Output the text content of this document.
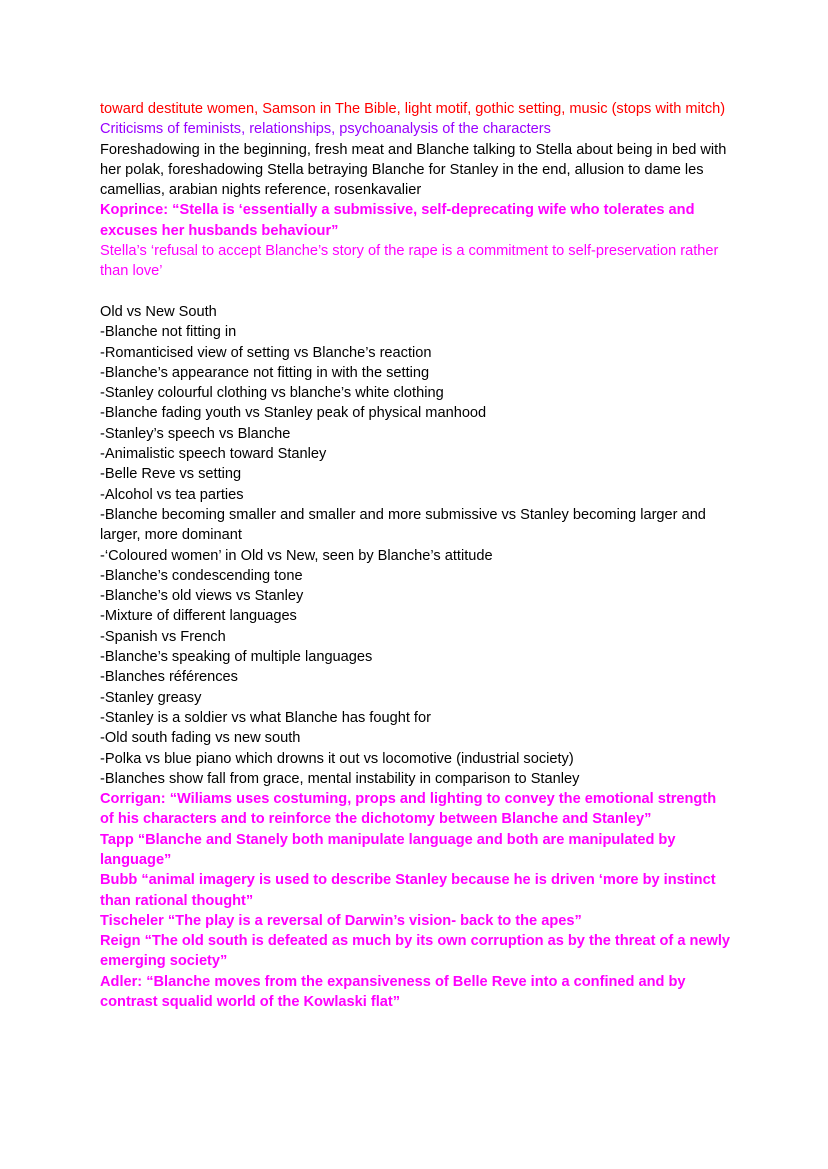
toward destitute women, Samson in The Bible, light motif, gothic setting, music (stops with mitch)

Criticisms of feminists, relationships, psychoanalysis of the characters

Foreshadowing in the beginning, fresh meat and Blanche talking to Stella about being in bed with her polak, foreshadowing Stella betraying Blanche for Stanley in the end, allusion to dame les camellias, arabian nights reference, rosenkavalier

Koprince: “Stella is ‘essentially a submissive, self-deprecating wife who tolerates and excuses her husbands behaviour”

Stella’s ‘refusal to accept Blanche’s story of the rape is a commitment to self-preservation rather than love’

Old vs New South

-Blanche not fitting in

-Romanticised view of setting vs Blanche’s reaction

-Blanche’s appearance not fitting in with the setting

-Stanley colourful clothing vs blanche’s white clothing

-Blanche fading youth vs Stanley peak of physical manhood

-Stanley’s speech vs Blanche

-Animalistic speech toward Stanley

-Belle Reve vs setting

-Alcohol vs tea parties

-Blanche becoming smaller and smaller and more submissive vs Stanley becoming larger and larger, more dominant

-‘Coloured women’ in Old vs New, seen by Blanche’s attitude

-Blanche’s condescending tone

-Blanche’s old views vs Stanley

-Mixture of different languages

-Spanish vs French

-Blanche’s speaking of multiple languages

-Blanches références

-Stanley greasy

-Stanley is a soldier vs what Blanche has fought for

-Old south fading vs new south

-Polka vs blue piano which drowns it out vs locomotive (industrial society)

-Blanches show fall from grace, mental instability in comparison to Stanley

Corrigan: “Wiliams uses costuming, props and lighting to convey the emotional strength of his characters and to reinforce the dichotomy between Blanche and Stanley”

Tapp “Blanche and Stanely both manipulate language and both are manipulated by language”

Bubb “animal imagery is used to describe Stanley because he is driven ‘more by instinct than rational thought”

Tischeler “The play is a reversal of Darwin’s vision- back to the apes”

Reign “The old south is defeated as much by its own corruption as by the threat of a newly emerging society”

Adler: “Blanche moves from the expansiveness of Belle Reve into a confined and by contrast squalid world of the Kowlaski flat”
